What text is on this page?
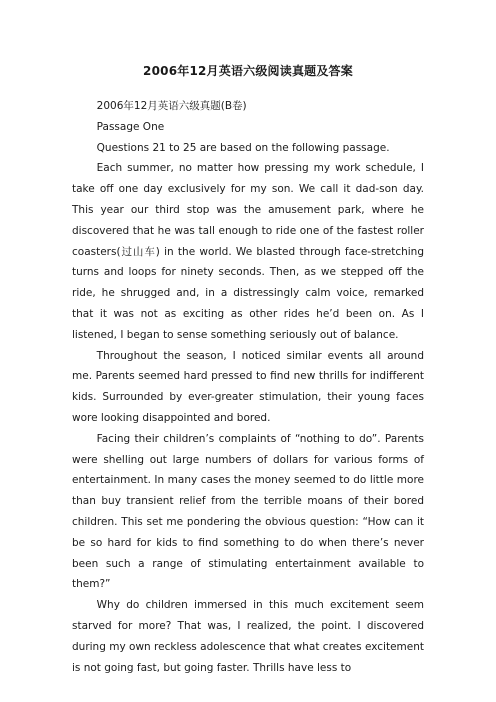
2006年12月英语六级阅读真题及答案

2006年12月英语六级真题(B卷)

Passage One

Questions 21 to 25 are based on the following passage.

Each summer, no matter how pressing my work schedule, I take off one day exclusively for my son. We call it dad-son day. This year our third stop was the amusement park, where he discovered that he was tall enough to ride one of the fastest roller coasters(过山车) in the world. We blasted through face-stretching turns and loops for ninety seconds. Then, as we stepped off the ride, he shrugged and, in a distressingly calm voice, remarked that it was not as exciting as other rides he’d been on. As I listened, I began to sense something seriously out of balance.

Throughout the season, I noticed similar events all around me. Parents seemed hard pressed to find new thrills for indifferent kids. Surrounded by ever-greater stimulation, their young faces wore looking disappointed and bored.

Facing their children’s complaints of “nothing to do”. Parents were shelling out large numbers of dollars for various forms of entertainment. In many cases the money seemed to do little more than buy transient relief from the terrible moans of their bored children. This set me pondering the obvious question: “How can it be so hard for kids to find something to do when there’s never been such a range of stimulating entertainment available to them?”

Why do children immersed in this much excitement seem starved for more? That was, I realized, the point. I discovered during my own reckless adolescence that what creates excitement is not going fast, but going faster. Thrills have less to
